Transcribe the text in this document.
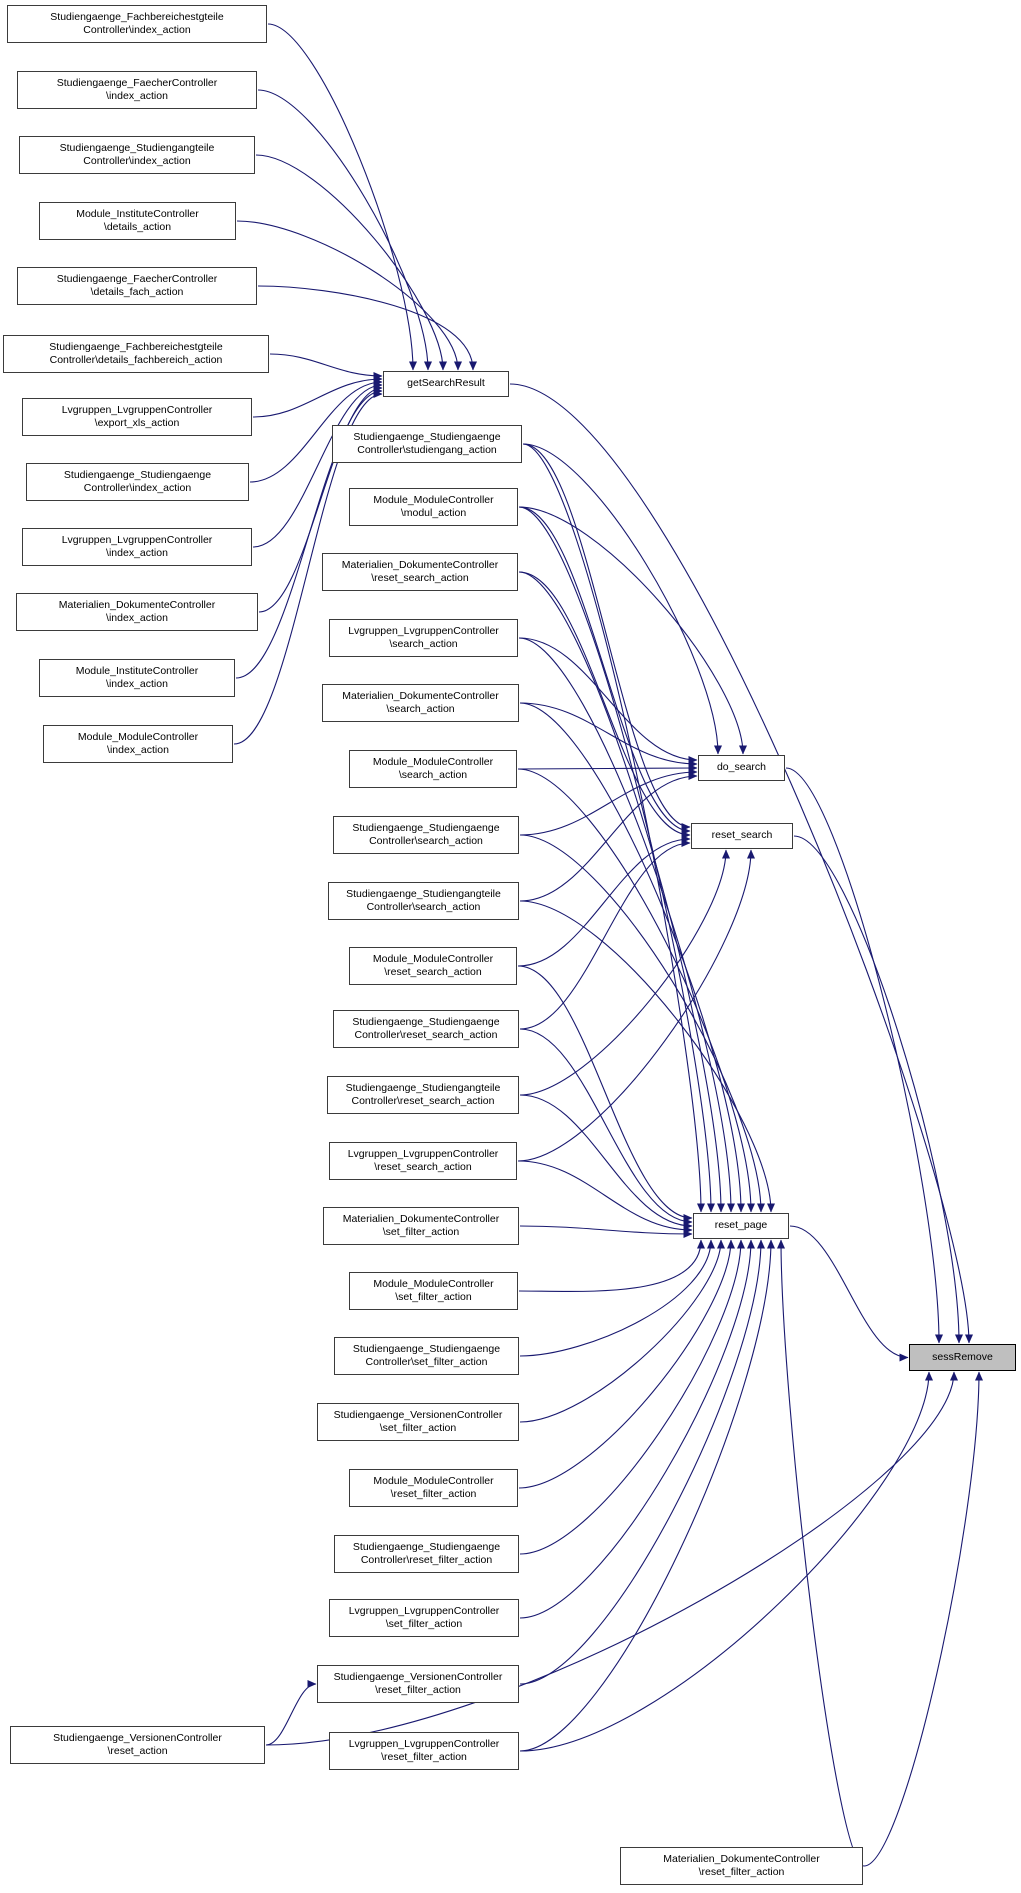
Studiengaenge_Fachbereichestgteile
Controller\index_action
Studiengaenge_FaecherController
\index_action
Studiengaenge_Studiengangteile
Controller\index_action
Module_InstituteController
\details_action
Studiengaenge_FaecherController
\details_fach_action
Studiengaenge_Fachbereichestgteile
Controller\details_fachbereich_action
Lvgruppen_LvgruppenController
\export_xls_action
Studiengaenge_Studiengaenge
Controller\index_action
Lvgruppen_LvgruppenController
\index_action
Materialien_DokumenteController
\index_action
Module_InstituteController
\index_action
Module_ModuleController
\index_action
Studiengaenge_VersionenController
\reset_action
getSearchResult
Studiengaenge_Studiengaenge
Controller\studiengang_action
Module_ModuleController
\modul_action
Materialien_DokumenteController
\reset_search_action
Lvgruppen_LvgruppenController
\search_action
Materialien_DokumenteController
\search_action
Module_ModuleController
\search_action
Studiengaenge_Studiengaenge
Controller\search_action
Studiengaenge_Studiengangteile
Controller\search_action
Module_ModuleController
\reset_search_action
Studiengaenge_Studiengaenge
Controller\reset_search_action
Studiengaenge_Studiengangteile
Controller\reset_search_action
Lvgruppen_LvgruppenController
\reset_search_action
Materialien_DokumenteController
\set_filter_action
Module_ModuleController
\set_filter_action
Studiengaenge_Studiengaenge
Controller\set_filter_action
Studiengaenge_VersionenController
\set_filter_action
Module_ModuleController
\reset_filter_action
Studiengaenge_Studiengaenge
Controller\reset_filter_action
Lvgruppen_LvgruppenController
\set_filter_action
Studiengaenge_VersionenController
\reset_filter_action
Lvgruppen_LvgruppenController
\reset_filter_action
Materialien_DokumenteController
\reset_filter_action
do_search
reset_search
reset_page
sessRemove
